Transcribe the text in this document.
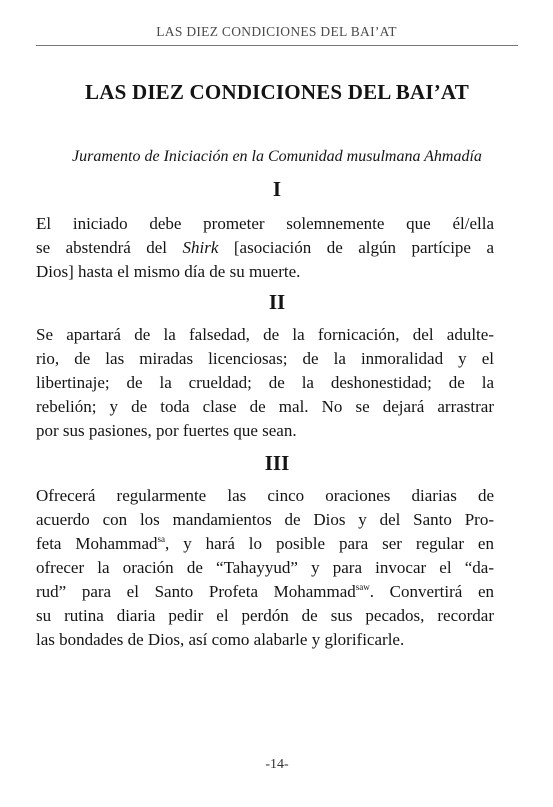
LAS DIEZ CONDICIONES DEL BAI’AT
LAS DIEZ CONDICIONES DEL BAI’AT
Juramento de Iniciación en la Comunidad musulmana Ahmadía
I
El iniciado debe prometer solemnemente que él/ella
se abstendrá del Shirk [asociación de algún partícipe a
Dios] hasta el mismo día de su muerte.
II
Se apartará de la falsedad, de la fornicación, del adulte-
rio, de las miradas licenciosas; de la inmoralidad y el
libertinaje; de la crueldad; de la deshonestidad; de la
rebelión; y de toda clase de mal. No se dejará arrastrar
por sus pasiones, por fuertes que sean.
III
Ofrecerá regularmente las cinco oraciones diarias de
acuerdo con los mandamientos de Dios y del Santo Pro-
feta Mohammad$^{sa}$, y hará lo posible para ser regular en
ofrecer la oración de “Tahayyud” y para invocar el “da-
rud” para el Santo Profeta Mohammad$^{saw}$. Convertirá en
su rutina diaria pedir el perdón de sus pecados, recordar
las bondades de Dios, así como alabarle y glorificarle.
-14-
